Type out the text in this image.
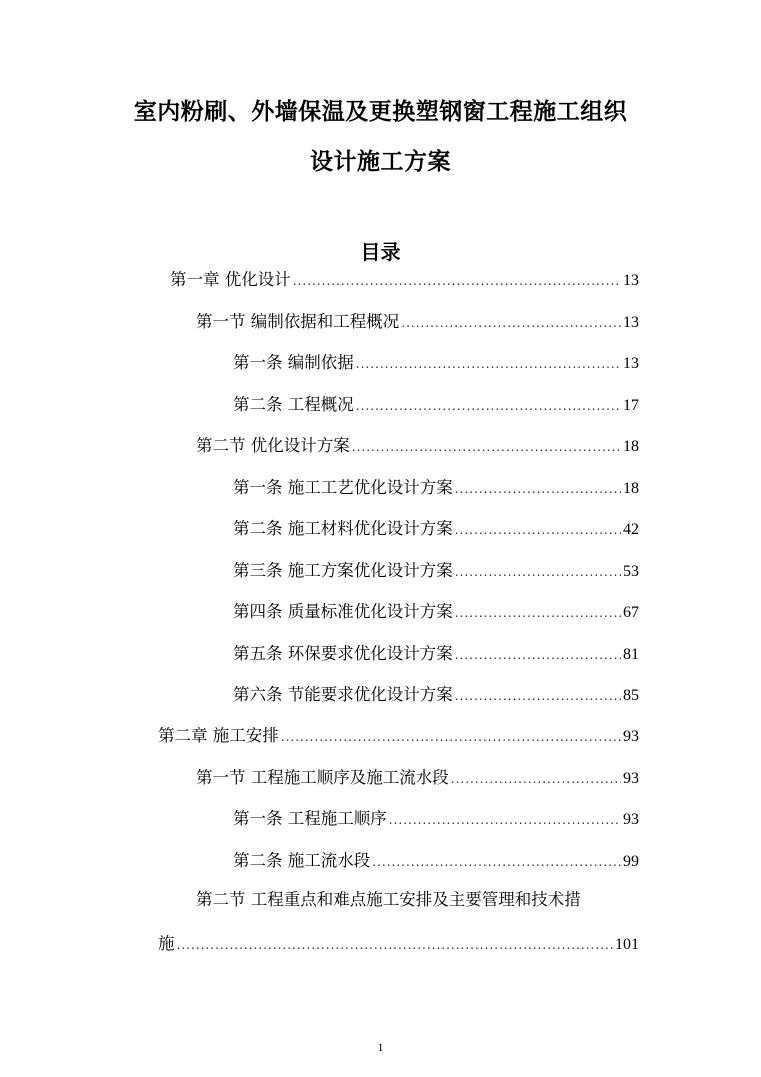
室内粉刷、外墙保温及更换塑钢窗工程施工组织
设计施工方案
目录
第一章 优化设计 .....	13
第一节 编制依据和工程概况 .....	13
第一条 编制依据 .....	13
第二条 工程概况 .....	17
第二节 优化设计方案 .....	18
第一条 施工工艺优化设计方案 .....	18
第二条 施工材料优化设计方案 .....	42
第三条 施工方案优化设计方案 .....	53
第四条 质量标准优化设计方案 .....	67
第五条 环保要求优化设计方案 .....	81
第六条 节能要求优化设计方案 .....	85
第二章 施工安排 .....	93
第一节 工程施工顺序及施工流水段 .....	93
第一条 工程施工顺序 .....	93
第二条 施工流水段 .....	99
第二节 工程重点和难点施工安排及主要管理和技术措
施 .....	101
1
